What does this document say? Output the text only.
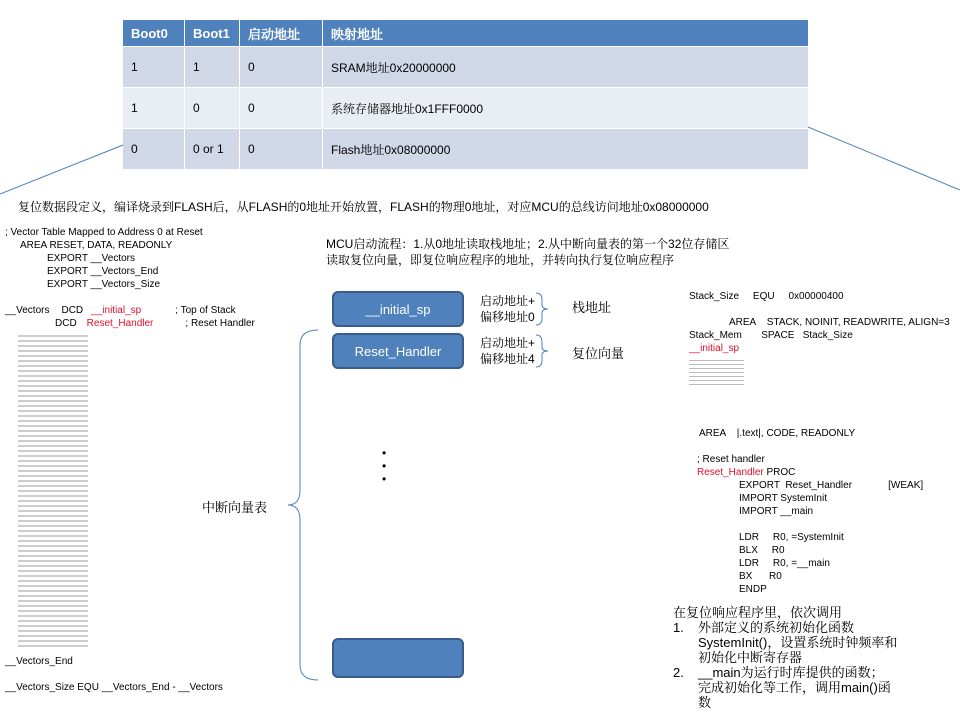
Boot0	Boot1	启动地址	映射地址
1	1	0	SRAM地址0x20000000
1	0	0	系统存储器地址0x1FFF0000
0	0 or 1	0	Flash地址0x08000000
复位数据段定义，编译烧录到FLASH后，从FLASH的0地址开始放置，FLASH的物理0地址，对应MCU的总线访问地址0x08000000
; Vector Table Mapped to Address 0 at Reset
AREA RESET, DATA, READONLY
EXPORT __Vectors
EXPORT __Vectors_End
EXPORT __Vectors_Size
__Vectors DCD __initial_sp	; Top of Stack
DCD Reset_Handler	; Reset Handler
__Vectors_End
__Vectors_Size EQU __Vectors_End - __Vectors
MCU启动流程：1.从0地址读取栈地址；2.从中断向量表的第一个32位存储区
读取复位向量，即复位响应程序的地址，并转向执行复位响应程序
__initial_sp
Reset_Handler
启动地址+
偏移地址0
栈地址
启动地址+
偏移地址4	复位向量
•
•
•
中断向量表
Stack_Size     EQU     0x00000400
AREA    STACK, NOINIT, READWRITE, ALIGN=3
Stack_Mem       SPACE   Stack_Size
__initial_sp
AREA    |.text|, CODE, READONLY
; Reset handler
Reset_Handler PROC
EXPORT  Reset_Handler             [WEAK]
IMPORT SystemInit
IMPORT __main
LDR     R0, =SystemInit
BLX     R0
LDR     R0, =__main
BX      R0
ENDP
在复位响应程序里，依次调用
1.	外部定义的系统初始化函数
SystemInit()，设置系统时钟频率和
初始化中断寄存器
2.	__main为运行时库提供的函数；
完成初始化等工作，调用main()函
数
